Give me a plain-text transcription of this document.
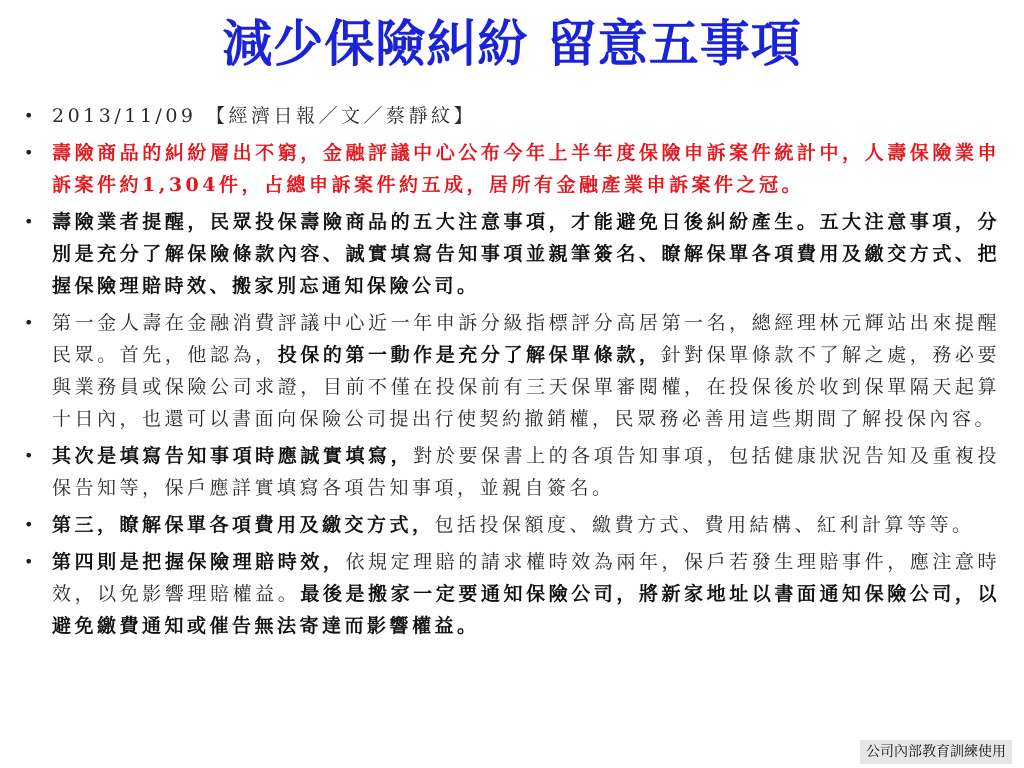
減少保險糾紛 留意五事項
• 2013/11/09 【經濟日報／文／蔡靜紋】
• 壽險商品的糾紛層出不窮，金融評議中心公布今年上半年度保險申訴案件統計中，人壽保險業申訴案件約1,304件，占總申訴案件約五成，居所有金融產業申訴案件之冠。
• 壽險業者提醒，民眾投保壽險商品的五大注意事項，才能避免日後糾紛產生。五大注意事項，分別是充分了解保險條款內容、誠實填寫告知事項並親筆簽名、瞭解保單各項費用及繳交方式、把握保險理賠時效、搬家別忘通知保險公司。
• 第一金人壽在金融消費評議中心近一年申訴分級指標評分高居第一名，總經理林元輝站出來提醒民眾。首先，他認為，投保的第一動作是充分了解保單條款，針對保單條款不了解之處，務必要與業務員或保險公司求證，目前不僅在投保前有三天保單審閱權，在投保後於收到保單隔天起算十日內，也還可以書面向保險公司提出行使契約撤銷權，民眾務必善用這些期間了解投保內容。
• 其次是填寫告知事項時應誠實填寫，對於要保書上的各項告知事項，包括健康狀況告知及重複投保告知等，保戶應詳實填寫各項告知事項，並親自簽名。
• 第三，瞭解保單各項費用及繳交方式，包括投保額度、繳費方式、費用結構、紅利計算等等。
• 第四則是把握保險理賠時效，依規定理賠的請求權時效為兩年，保戶若發生理賠事件，應注意時效，以免影響理賠權益。最後是搬家一定要通知保險公司，將新家地址以書面通知保險公司，以避免繳費通知或催告無法寄達而影響權益。
公司內部教育訓練使用
